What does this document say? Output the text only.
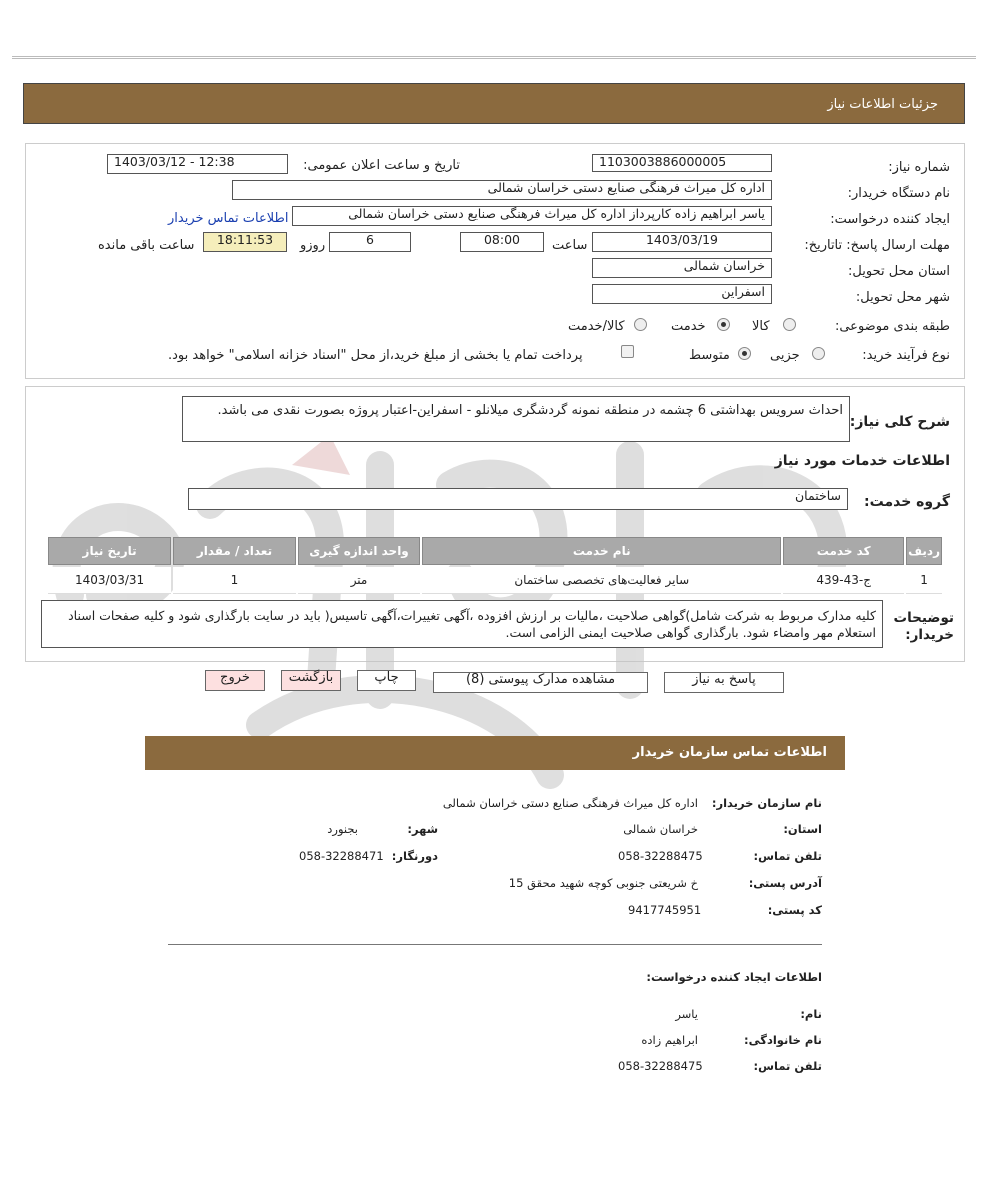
جزئیات اطلاعات نیاز
شماره نیاز:
1103003886000005
تاریخ و ساعت اعلان عمومی:
1403/03/12 - 12:38
نام دستگاه خریدار:
اداره کل میراث فرهنگی صنایع دستی خراسان شمالی
ایجاد کننده درخواست:
یاسر ابراهیم زاده کارپرداز اداره کل میراث فرهنگی صنایع دستی خراسان شمالی
اطلاعات تماس خریدار
مهلت ارسال پاسخ: تاتاریخ:
1403/03/19
ساعت
08:00
6
روزو
18:11:53
ساعت باقی مانده
استان محل تحویل:
خراسان شمالی
شهر محل تحویل:
اسفراین
طبقه بندی موضوعی:
کالا
خدمت
کالا/خدمت
نوع فرآیند خرید:
جزیی
متوسط
پرداخت تمام یا بخشی از مبلغ خرید،از محل "اسناد خزانه اسلامی" خواهد بود.
شرح کلی نیاز:
احداث سرویس بهداشتی 6 چشمه در منطقه نمونه گردشگری میلانلو - اسفراین-اعتبار پروژه بصورت نقدی می باشد.
اطلاعات خدمات مورد نیاز
گروه خدمت:
ساختمان
ردیف	کد خدمت	نام خدمت	واحد اندازه گیری	تعداد / مقدار	تاریخ نیاز
1	ج-43-439	سایر فعالیت‌های تخصصی ساختمان	متر	1	1403/03/31
توضیحات خریدار:
کلیه مدارک مربوط به شرکت شامل)گواهی صلاحیت ،مالیات بر ارزش افزوده ،آگهی تغییرات،آگهی تاسیس( باید در سایت بارگذاری شود و کلیه صفحات اسناد استعلام مهر وامضاء شود. بارگذاری گواهی صلاحیت ایمنی الزامی است.
پاسخ به نیاز
مشاهده مدارک پیوستی (8)
چاپ
بازگشت
خروج
اطلاعات تماس سازمان خریدار
نام سازمان خریدار:
اداره کل میراث فرهنگی صنایع دستی خراسان شمالی
استان:
خراسان شمالی
شهر:
بجنورد
تلفن تماس:
058-32288475
دورنگار:
058-32288471
آدرس پستی:
خ شریعتی جنوبی کوچه شهید محقق 15
کد پستی:
9417745951
اطلاعات ایجاد کننده درخواست:
نام:
یاسر
نام خانوادگی:
ابراهیم زاده
تلفن تماس:
058-32288475
